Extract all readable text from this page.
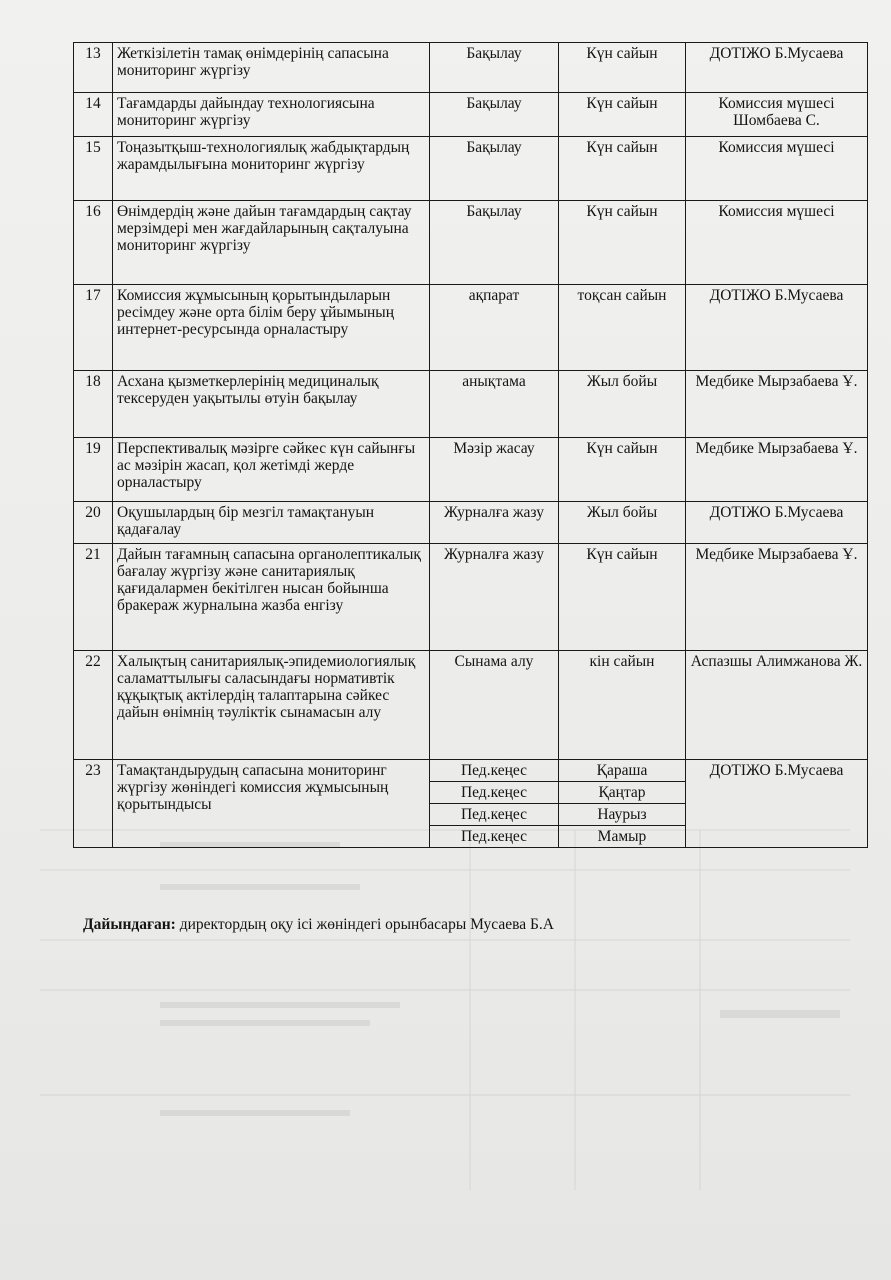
13	Жеткізілетін тамақ өнімдерінің сапасына мониторинг жүргізу	Бақылау	Күн сайын	ДОТІЖО Б.Мусаева
14	Тағамдарды дайындау технологиясына мониторинг жүргізу	Бақылау	Күн сайын	Комиссия мүшесі Шомбаева С.
15	Тоңазытқыш-технологиялық жабдықтардың жарамдылығына мониторинг жүргізу	Бақылау	Күн сайын	Комиссия мүшесі
16	Өнімдердің және дайын тағамдардың сақтау мерзімдері мен жағдайларының сақталуына мониторинг жүргізу	Бақылау	Күн сайын	Комиссия мүшесі
17	Комиссия жұмысының қорытындыларын ресімдеу және орта білім беру ұйымының интернет-ресурсында орналастыру	ақпарат	тоқсан сайын	ДОТІЖО Б.Мусаева
18	Асхана қызметкерлерінің медициналық тексеруден уақытылы өтуін бақылау	анықтама	Жыл бойы	Медбике Мырзабаева Ұ.
19	Перспективалық мәзірге сәйкес күн сайынғы ас мәзірін жасап, қол жетімді жерде орналастыру	Мәзір жасау	Күн сайын	Медбике Мырзабаева Ұ.
20	Оқушылардың бір мезгіл тамақтануын қадағалау	Журналға жазу	Жыл бойы	ДОТІЖО Б.Мусаева
21	Дайын тағамның сапасына органолептикалық бағалау жүргізу және санитариялық қағидалармен бекітілген нысан бойынша бракераж журналына жазба енгізу	Журналға жазу	Күн сайын	Медбике Мырзабаева Ұ.
22	Халықтың санитариялық-эпидемиологиялық саламаттылығы саласындағы нормативтік құқықтық актілердің талаптарына сәйкес дайын өнімнің тәуліктік сынамасын алу	Сынама алу	кін сайын	Аспазшы Алимжанова Ж.
23	Тамақтандырудың сапасына мониторинг жүргізу жөніндегі комиссия жұмысының қорытындысы	Пед.кеңес	Қараша	ДОТІЖО Б.Мусаева
		Пед.кеңес	Қаңтар	
		Пед.кеңес	Наурыз	
		Пед.кеңес	Мамыр	
Дайындаған: директордың оқу ісі жөніндегі орынбасары Мусаева Б.А
